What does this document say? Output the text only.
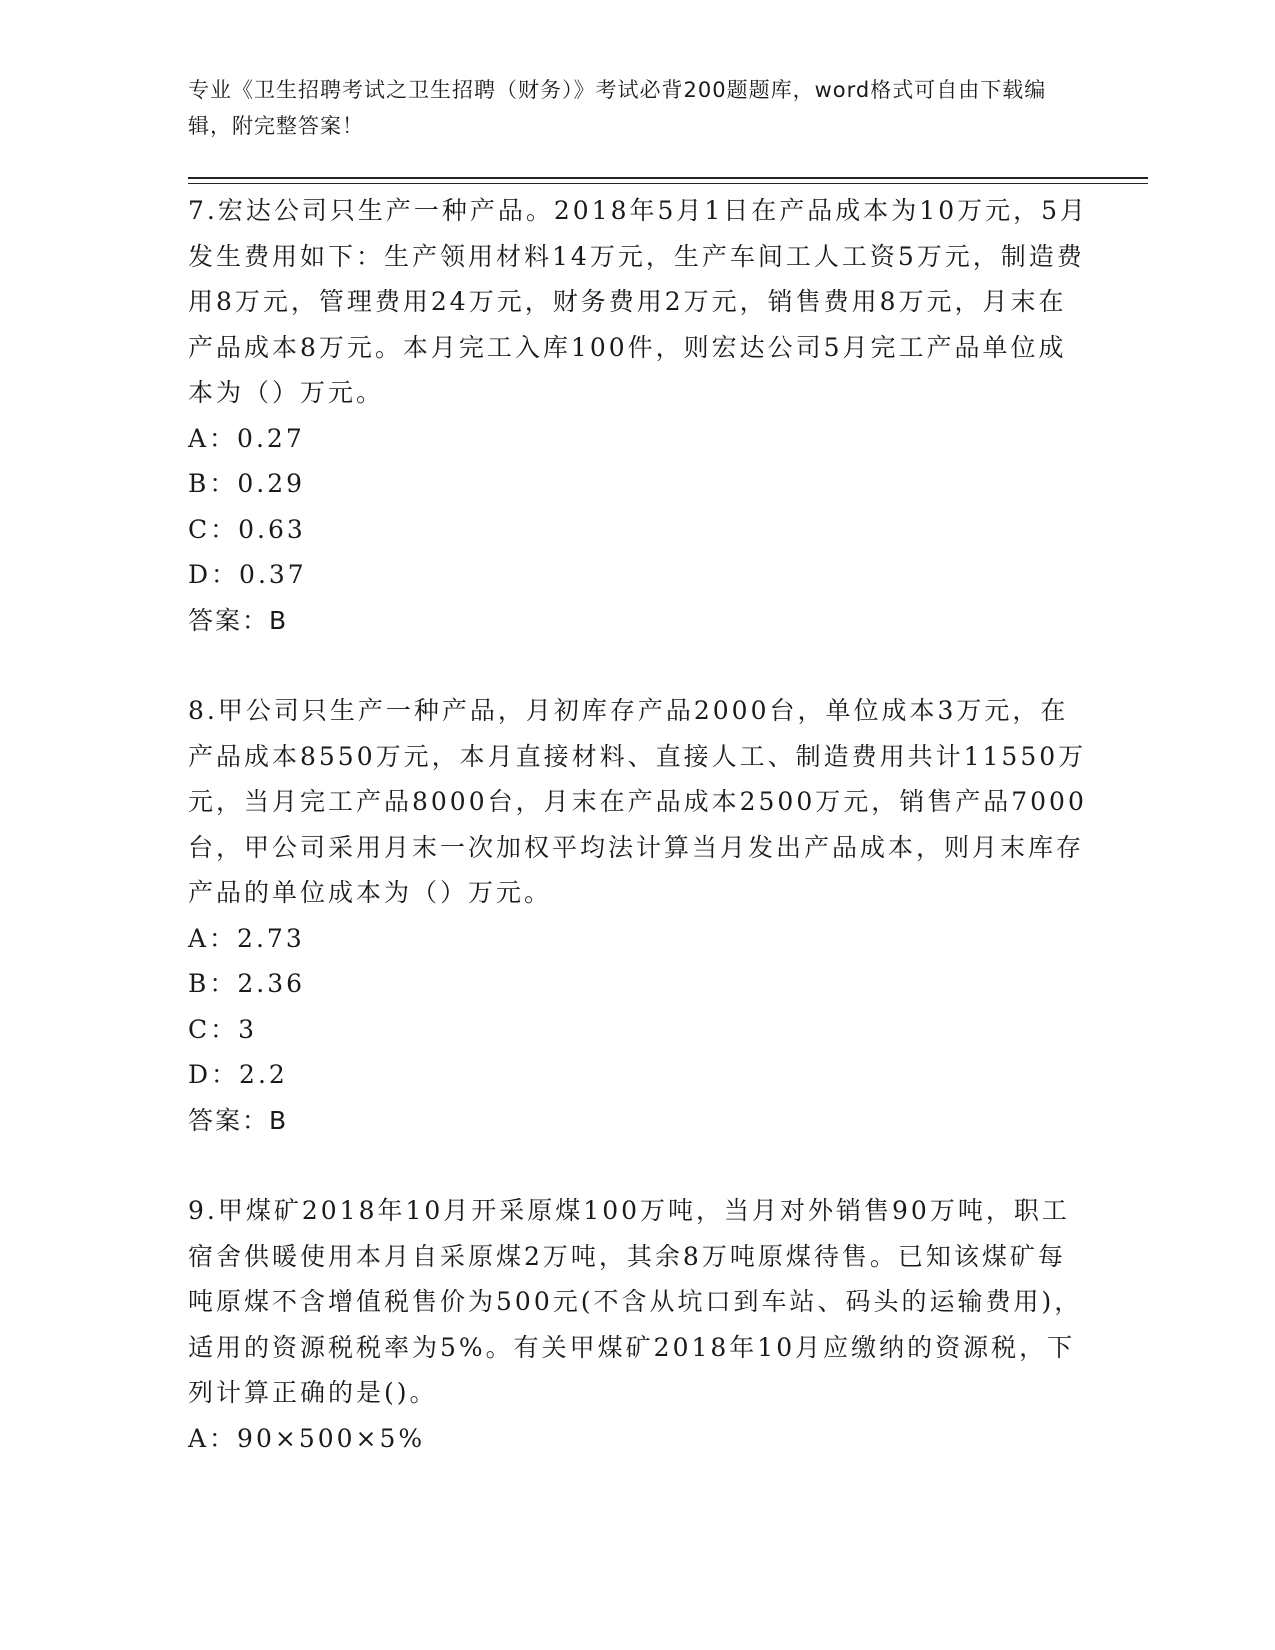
专业《卫生招聘考试之卫生招聘（财务）》考试必背200题题库，word格式可自由下载编辑，附完整答案！

7.宏达公司只生产一种产品。2018年5月1日在产品成本为10万元，5月发生费用如下：生产领用材料14万元，生产车间工人工资5万元，制造费用8万元，管理费用24万元，财务费用2万元，销售费用8万元，月末在产品成本8万元。本月完工入库100件，则宏达公司5月完工产品单位成本为（）万元。

A：0.27
B：0.29
C：0.63
D：0.37
答案：B

8.甲公司只生产一种产品，月初库存产品2000台，单位成本3万元，在产品成本8550万元，本月直接材料、直接人工、制造费用共计11550万元，当月完工产品8000台，月末在产品成本2500万元，销售产品7000台，甲公司采用月末一次加权平均法计算当月发出产品成本，则月末库存产品的单位成本为（）万元。

A：2.73
B：2.36
C：3
D：2.2
答案：B

9.甲煤矿2018年10月开采原煤100万吨，当月对外销售90万吨，职工宿舍供暖使用本月自采原煤2万吨，其余8万吨原煤待售。已知该煤矿每吨原煤不含增值税售价为500元(不含从坑口到车站、码头的运输费用)，适用的资源税税率为5%。有关甲煤矿2018年10月应缴纳的资源税，下列计算正确的是()。

A：90×500×5%
